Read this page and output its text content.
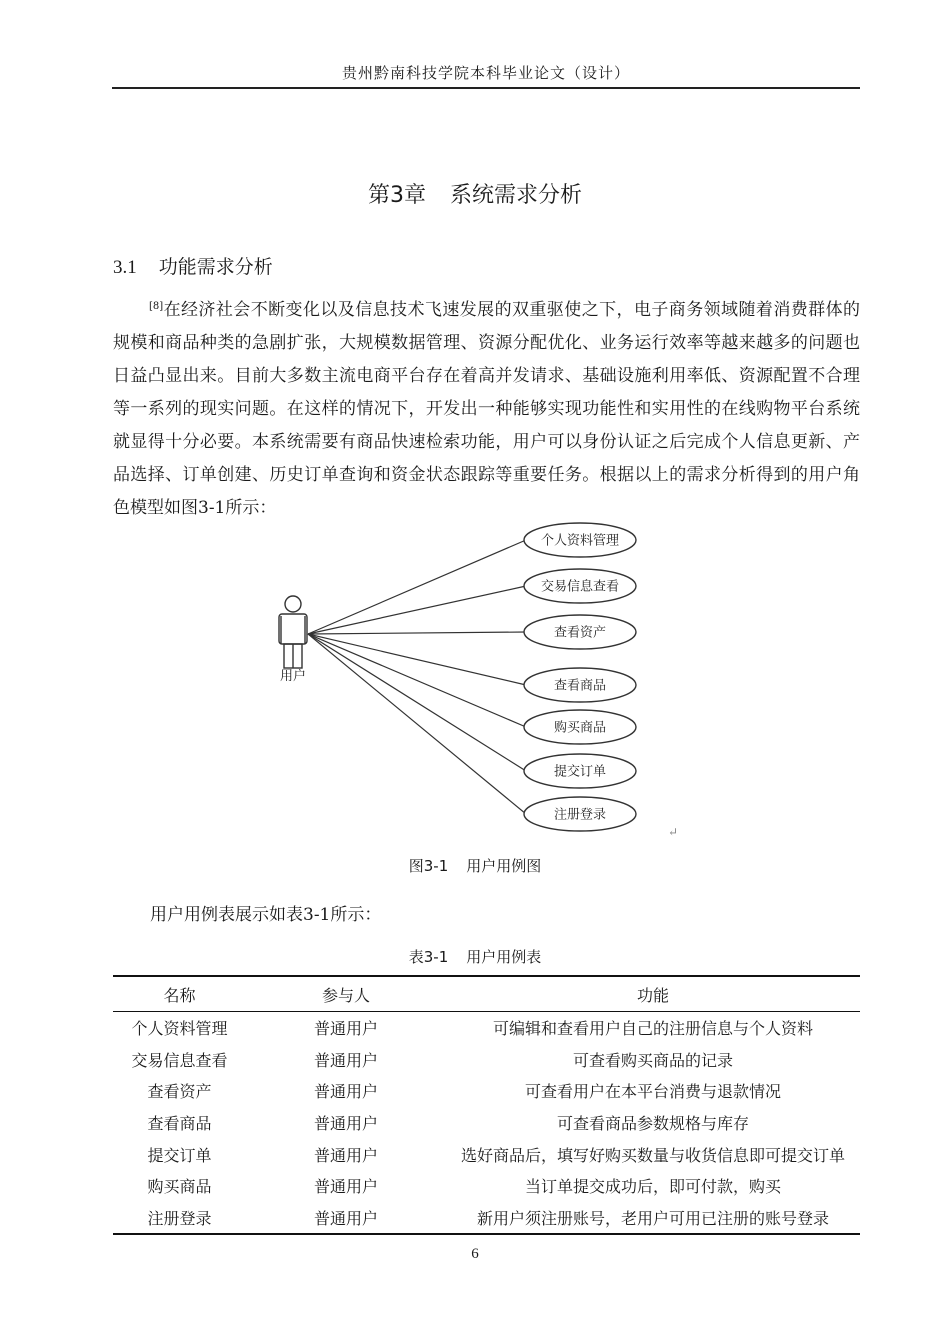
贵州黔南科技学院本科毕业论文（设计）
第3章 系统需求分析
3.1 功能需求分析
[8]在经济社会不断变化以及信息技术飞速发展的双重驱使之下，电子商务领域随着消费群体的规模和商品种类的急剧扩张，大规模数据管理、资源分配优化、业务运行效率等越来越多的问题也日益凸显出来。目前大多数主流电商平台存在着高并发请求、基础设施利用率低、资源配置不合理等一系列的现实问题。在这样的情况下，开发出一种能够实现功能性和实用性的在线购物平台系统就显得十分必要。本系统需要有商品快速检索功能，用户可以身份认证之后完成个人信息更新、产品选择、订单创建、历史订单查询和资金状态跟踪等重要任务。根据以上的需求分析得到的用户角色模型如图3-1所示：
用户
个人资料管理
交易信息查看
查看资产
查看商品
购买商品
提交订单
注册登录
↵
图3-1 用户用例图
用户用例表展示如表3-1所示：
表3-1 用户用例表
名称	参与人	功能
个人资料管理	普通用户	可编辑和查看用户自己的注册信息与个人资料
交易信息查看	普通用户	可查看购买商品的记录
查看资产	普通用户	可查看用户在本平台消费与退款情况
查看商品	普通用户	可查看商品参数规格与库存
提交订单	普通用户	选好商品后，填写好购买数量与收货信息即可提交订单
购买商品	普通用户	当订单提交成功后，即可付款，购买
注册登录	普通用户	新用户须注册账号，老用户可用已注册的账号登录
6
